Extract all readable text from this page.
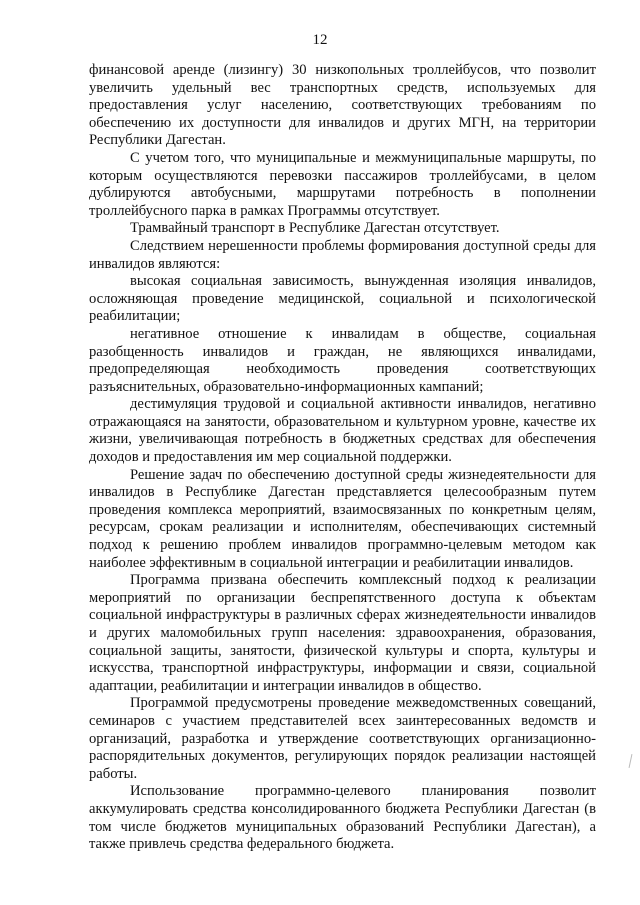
12

финансовой аренде (лизингу) 30 низкопольных троллейбусов, что позволит увеличить удельный вес транспортных средств, используемых для предоставления услуг населению, соответствующих требованиям по обеспечению их доступности для инвалидов и других МГН, на территории Республики Дагестан.

С учетом того, что муниципальные и межмуниципальные маршруты, по которым осуществляются перевозки пассажиров троллейбусами, в целом дублируются автобусными, маршрутами потребность в пополнении троллейбусного парка в рамках Программы отсутствует.

Трамвайный транспорт в Республике Дагестан отсутствует.

Следствием нерешенности проблемы формирования доступной среды для инвалидов являются:

высокая социальная зависимость, вынужденная изоляция инвалидов, осложняющая проведение медицинской, социальной и психологической реабилитации;

негативное отношение к инвалидам в обществе, социальная разобщенность инвалидов и граждан, не являющихся инвалидами, предопределяющая необходимость проведения соответствующих разъяснительных, образовательно-информационных кампаний;

дестимуляция трудовой и социальной активности инвалидов, негативно отражающаяся на занятости, образовательном и культурном уровне, качестве их жизни, увеличивающая потребность в бюджетных средствах для обеспечения доходов и предоставления им мер социальной поддержки.

Решение задач по обеспечению доступной среды жизнедеятельности для инвалидов в Республике Дагестан представляется целесообразным путем проведения комплекса мероприятий, взаимосвязанных по конкретным целям, ресурсам, срокам реализации и исполнителям, обеспечивающих системный подход к решению проблем инвалидов программно-целевым методом как наиболее эффективным в социальной интеграции и реабилитации инвалидов.

Программа призвана обеспечить комплексный подход к реализации мероприятий по организации беспрепятственного доступа к объектам социальной инфраструктуры в различных сферах жизнедеятельности инвалидов и других маломобильных групп населения: здравоохранения, образования, социальной защиты, занятости, физической культуры и спорта, культуры и искусства, транспортной инфраструктуры, информации и связи, социальной адаптации, реабилитации и интеграции инвалидов в общество.

Программой предусмотрены проведение межведомственных совещаний, семинаров с участием представителей всех заинтересованных ведомств и организаций, разработка и утверждение соответствующих организационно-распорядительных документов, регулирующих порядок реализации настоящей работы.

Использование программно-целевого планирования позволит аккумулировать средства консолидированного бюджета Республики Дагестан (в том числе бюджетов муниципальных образований Республики Дагестан), а также привлечь средства федерального бюджета.
